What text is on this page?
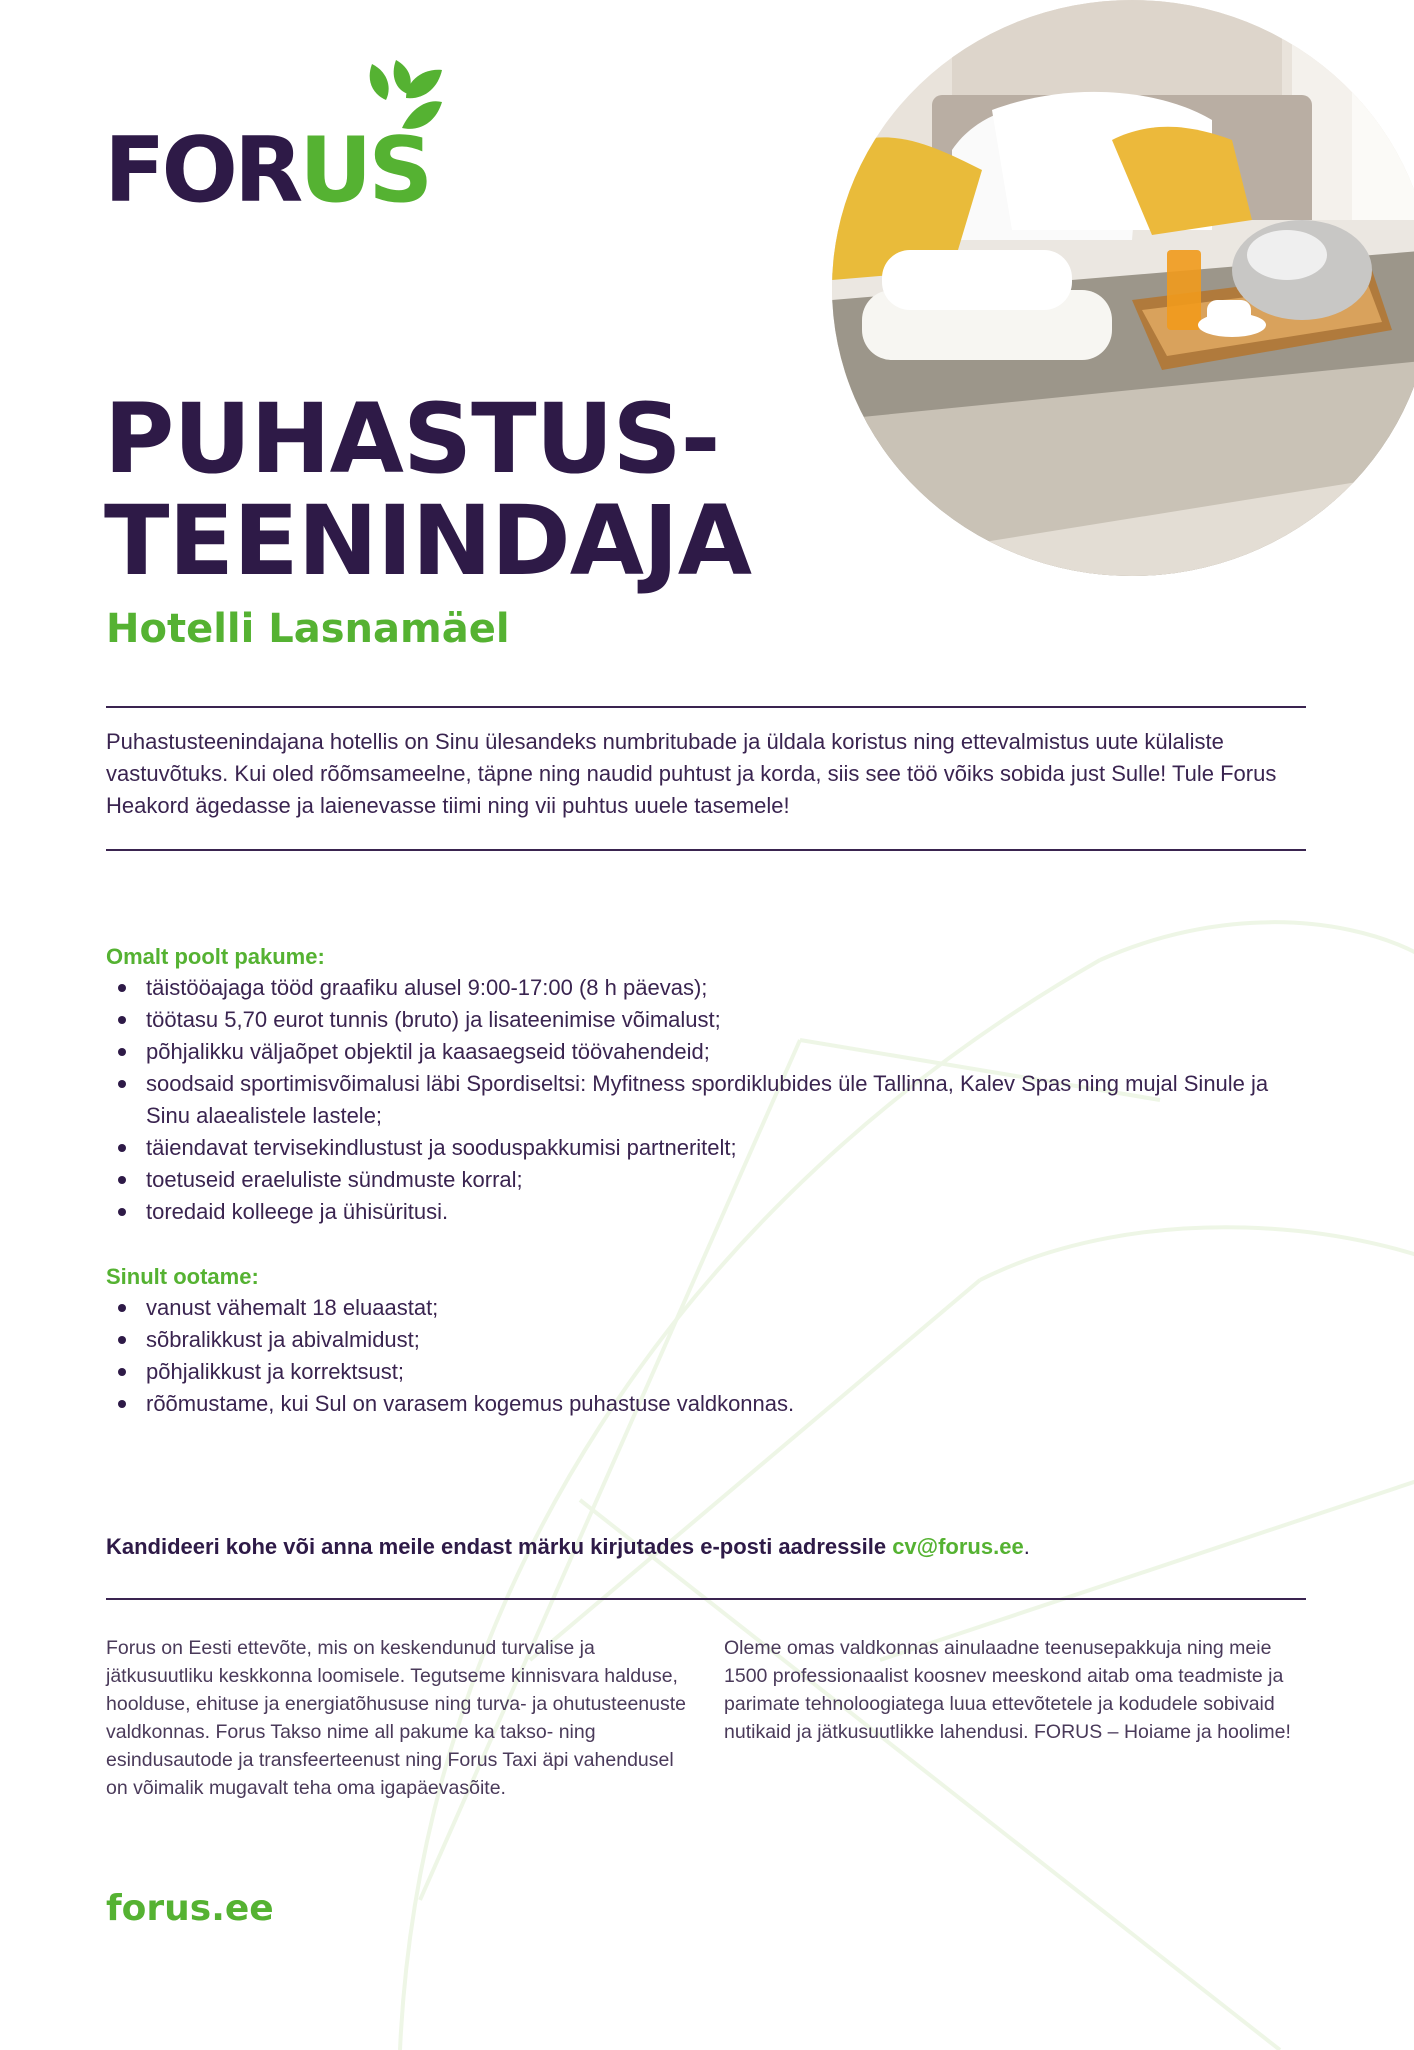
FORUS
PUHASTUS-
TEENINDAJA
Hotelli Lasnamäel

Puhastusteenindajana hotellis on Sinu ülesandeks numbritubade ja üldala koristus ning ettevalmistus uute külaliste vastuvõtuks. Kui oled rõõmsameelne, täpne ning naudid puhtust ja korda, siis see töö võiks sobida just Sulle! Tule Forus Heakord ägedasse ja laienevasse tiimi ning vii puhtus uuele tasemele!

Omalt poolt pakume:
täistööajaga tööd graafiku alusel 9:00-17:00 (8 h päevas);
töötasu 5,70 eurot tunnis (bruto) ja lisateenimise võimalust;
põhjalikku väljaõpet objektil ja kaasaegseid töövahendeid;
soodsaid sportimisvõimalusi läbi Spordiseltsi: Myfitness spordiklubides üle Tallinna, Kalev Spas ning mujal Sinule ja Sinu alaealistele lastele;
täiendavat tervisekindlustust ja sooduspakkumisi partneritelt;
toetuseid eraeluliste sündmuste korral;
toredaid kolleege ja ühisüritusi.
Sinult ootame:
vanust vähemalt 18 eluaastat;
sõbralikkust ja abivalmidust;
põhjalikkust ja korrektsust;
rõõmustame, kui Sul on varasem kogemus puhastuse valdkonnas.

Kandideeri kohe või anna meile endast märku kirjutades e-posti aadressile cv@forus.ee.

Forus on Eesti ettevõte, mis on keskendunud turvalise ja jätkusuutliku keskkonna loomisele. Tegutseme kinnisvara halduse, hoolduse, ehituse ja energiatõhususe ning turva- ja ohutusteenuste valdkonnas. Forus Takso nime all pakume ka takso- ning esindusautode ja transfeerteenust ning Forus Taxi äpi vahendusel on võimalik mugavalt teha oma igapäevasõite.

Oleme omas valdkonnas ainulaadne teenusepakkuja ning meie 1500 professionaalist koosnev meeskond aitab oma teadmiste ja parimate tehnoloogiatega luua ettevõtetele ja kodudele sobivaid nutikaid ja jätkusuutlikke lahendusi. FORUS – Hoiame ja hoolime!

forus.ee
